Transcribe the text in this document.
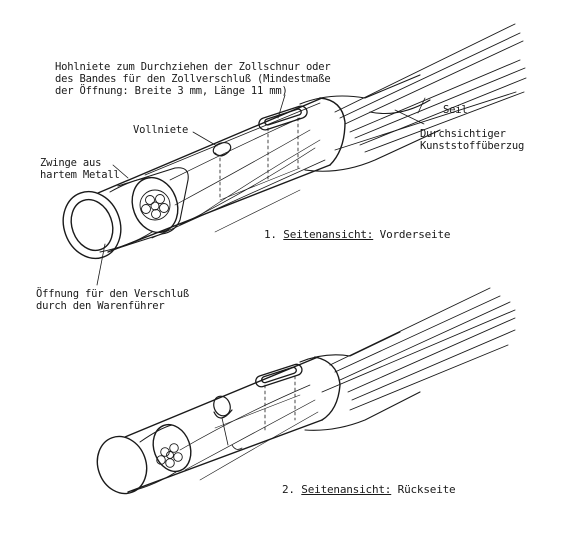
Hohlniete zum Durchziehen der Zollschnur oder
des Bandes für den Zollverschluß (Mindestmaße
der Öffnung: Breite 3 mm, Länge 11 mm)
Vollniete
Seil
Durchsichtiger
Kunststoffüberzug
Zwinge aus
hartem Metall
Öffnung für den Verschluß
durch den Warenführer
1. Seitenansicht: Vorderseite
2. Seitenansicht: Rückseite
